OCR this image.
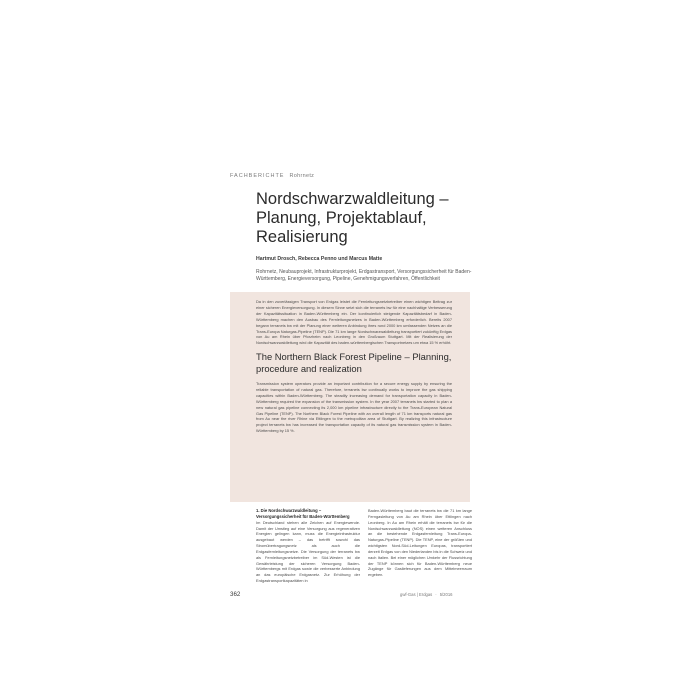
FACHBERICHTE Rohrnetz
Nordschwarzwaldleitung –
Planung, Projektablauf,
Realisierung
Hartmut Drosch, Rebecca Penno und Marcus Matte
Rohrnetz, Neubauprojekt, Infrastrukturprojekt, Erdgastransport, Versorgungssicherheit für Baden-Württemberg, Energieversorgung, Pipeline, Genehmigungsverfahren, Öffentlichkeit
Da in den zuverlässigen Transport von Erdgas leistet die Fernleitungsnetzbetreiber einen wichtigen Beitrag zur einer sicheren Energieversorgung. In diesem Sinne setzt sich die terranets bw für eine nachhaltige Verbesserung der Kapazitätssituation in Baden-Württemberg ein. Der kontinuierlich steigende Kapazitätsbedarf in Baden-Württemberg machen den Ausbau des Fernleitungsnetzes in Baden-Württemberg erforderlich. Bereits 2007 begann terranets bw mit der Planung einer weiteren Anbindung ihres rund 2000 km umfassenden Netzes an die Trans-Europa Naturgas-Pipeline (TENP). Die 71 km lange Nordschwarzwaldleitung transportiert zukünftig Erdgas von Au am Rhein über Pforzheim nach Leonberg in den Großraum Stuttgart. Mit der Realisierung der Nordschwarzwaldleitung wird die Kapazität des baden-württembergischen Transportnetzes um etwa 15 % erhöht.
The Northern Black Forest Pipeline – Planning, procedure and realization
Transmission system operators provide an important contribution for a secure energy supply by ensuring the reliable transportation of natural gas. Therefore, terranets bw continually works to improve the gas shipping capacities within Baden-Württemberg. The steadily increasing demand for transportation capacity in Baden-Württemberg required the expansion of the transmission system. In the year 2007 terranets bw started to plan a new natural gas pipeline connecting its 2,000 km pipeline infrastructure directly to the Trans-European Natural Gas Pipeline (TENP). The Northern Black Forest Pipeline with an overall length of 71 km transports natural gas from Au near the river Rhine via Ettlingen to the metropolitan area of Stuttgart. By realizing this infrastructure project terranets bw has increased the transportation capacity of its natural gas transmission system in Baden-Württemberg by 15 %.
1. Die Nordschwarzwaldleitung – Versorgungssicherheit für Baden-Württemberg
Im Deutschland stehen alle Zeichen auf Energiewende. Damit der Umstieg auf eine Versorgung aus regenerativen Energien gelingen kann, muss die Energieinfrastruktur ausgebaut werden – das betrifft sowohl das Stromübertragungsnetz als auch die Erdgasfernleitungsnetze. Die Versorgung der terranets bw als Fernleitungsnetzbetreiber im Süd-Westen ist die Gewährleistung der sicheren Versorgung Baden-Württembergs mit Erdgas sowie die verbesserte Anbindung an das europäische Erdgasnetz. Zur Erhöhung der Erdgastransportkapazitäten in
Baden-Württemberg baut die terranets bw die 71 km lange Ferngasleitung von Au am Rhein über Ettlingen nach Leonberg. In Au am Rhein erhält die terranets bw für die Nordschwarzwaldleitung (NOS) einen weiteren Anschluss an die bestehende Erdgasfernleitung Trans-Europa-Naturgas-Pipeline (TENP). Die TENP, eine der größten und wichtigsten Nord-Süd-Leitungen Europas, transportiert derzeit Erdgas von den Niederlanden bis in die Schweiz und nach Italien. Bei einer möglichen Umkehr der Flussrichtung der TENP können sich für Baden-Württemberg neue Zugänge für Gaslieferungen aus dem Mittelmeerraum ergeben.
362	gwf-Gas | Erdgas · 5/2016
